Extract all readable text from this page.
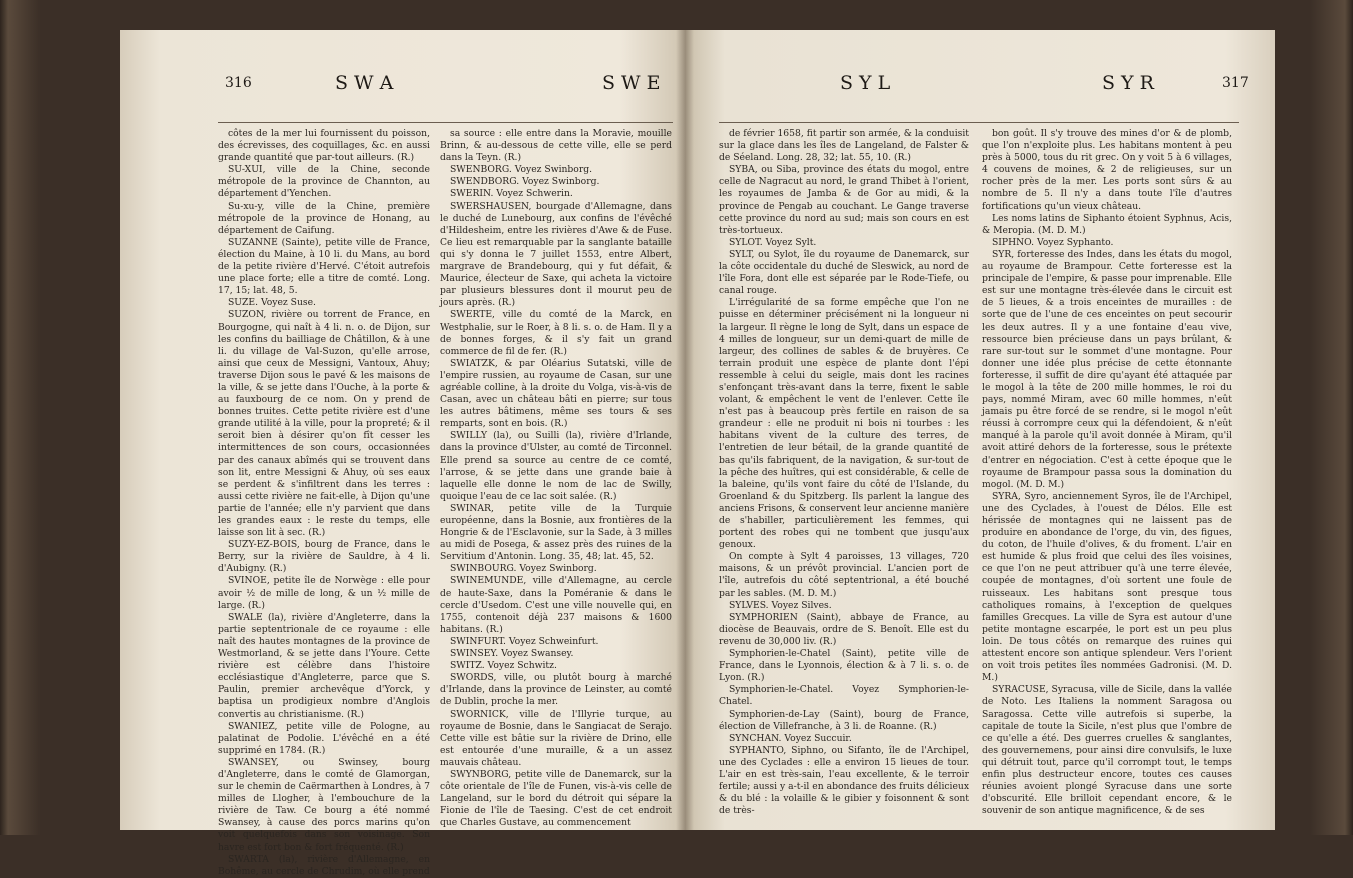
316	S W A	S W E

côtes de la mer lui fournissent du poisson, des écrevisses, des coquillages, &c. en aussi grande quantité que par-tout ailleurs. (R.)

SU-XUI, ville de la Chine, seconde métropole de la province de Channton, au département d'Yenchen.

Su-xu-y, ville de la Chine, première métropole de la province de Honang, au département de Caifung.

SUZANNE (Sainte), petite ville de France, élection du Maine, à 10 li. du Mans, au bord de la petite rivière d'Hervé. C'étoit autrefois une place forte; elle a titre de comté. Long. 17, 15; lat. 48, 5.

SUZE. Voyez Suse.

SUZON, rivière ou torrent de France, en Bourgogne, qui naît à 4 li. n. o. de Dijon, sur les confins du bailliage de Châtillon, & à une li. du village de Val-Suzon, qu'elle arrose, ainsi que ceux de Messigni, Vantoux, Ahuy; traverse Dijon sous le pavé & les maisons de la ville, & se jette dans l'Ouche, à la porte & au fauxbourg de ce nom. On y prend de bonnes truites. Cette petite rivière est d'une grande utilité à la ville, pour la propreté; & il seroit bien à désirer qu'on fît cesser les intermittences de son cours, occasionnées par des canaux abîmés qui se trouvent dans son lit, entre Messigni & Ahuy, où ses eaux se perdent & s'infiltrent dans les terres : aussi cette rivière ne fait-elle, à Dijon qu'une partie de l'année; elle n'y parvient que dans les grandes eaux : le reste du temps, elle laisse son lit à sec. (R.)

SUZY-EZ-BOIS, bourg de France, dans le Berry, sur la rivière de Sauldre, à 4 li. d'Aubigny. (R.)

SVINOE, petite île de Norwège : elle pour avoir ½ de mille de long, & un ½ mille de large. (R.)

SWALE (la), rivière d'Angleterre, dans la partie septentrionale de ce royaume : elle naît des hautes montagnes de la province de Westmorland, & se jette dans l'Youre. Cette rivière est célèbre dans l'histoire ecclésiastique d'Angleterre, parce que S. Paulin, premier archevêque d'Yorck, y baptisa un prodigieux nombre d'Anglois convertis au christianisme. (R.)

SWANIEZ, petite ville de Pologne, au palatinat de Podolie. L'évêché en a été supprimé en 1784. (R.)

SWANSEY, ou Swinsey, bourg d'Angleterre, dans le comté de Glamorgan, sur le chemin de Caërmarthen à Londres, à 7 milles de Llogher, à l'embouchure de la rivière de Taw. Ce bourg a été nommé Swansey, à cause des porcs marins qu'on voit quelquefois dans son voisinage. Son havre est fort bon & fort fréquenté. (R.)

SWARTA (la), rivière d'Allemagne, en Bohême, au cercle de Chrudim, où elle prend

sa source : elle entre dans la Moravie, mouille Brinn, & au-dessous de cette ville, elle se perd dans la Teyn. (R.)

SWENBORG. Voyez Swinborg.

SWENDBORG. Voyez Swinborg.

SWERIN. Voyez Schwerin.

SWERSHAUSEN, bourgade d'Allemagne, dans le duché de Lunebourg, aux confins de l'évêché d'Hildesheim, entre les rivières d'Awe & de Fuse. Ce lieu est remarquable par la sanglante bataille qui s'y donna le 7 juillet 1553, entre Albert, margrave de Brandebourg, qui y fut défait, & Maurice, électeur de Saxe, qui acheta la victoire par plusieurs blessures dont il mourut peu de jours après. (R.)

SWERTE, ville du comté de la Marck, en Westphalie, sur le Roer, à 8 li. s. o. de Ham. Il y a de bonnes forges, & il s'y fait un grand commerce de fil de fer. (R.)

SWIATZK, & par Oléarius Sutatski, ville de l'empire russien, au royaume de Casan, sur une agréable colline, à la droite du Volga, vis-à-vis de Casan, avec un château bâti en pierre; sur tous les autres bâtimens, même ses tours & ses remparts, sont en bois. (R.)

SWILLY (la), ou Suilli (la), rivière d'Irlande, dans la province d'Ulster, au comté de Tirconnel. Elle prend sa source au centre de ce comté, l'arrose, & se jette dans une grande baie à laquelle elle donne le nom de lac de Swilly, quoique l'eau de ce lac soit salée. (R.)

SWINAR, petite ville de la Turquie européenne, dans la Bosnie, aux frontières de la Hongrie & de l'Esclavonie, sur la Sade, à 3 milles au midi de Posega, & assez près des ruines de la Servitium d'Antonin. Long. 35, 48; lat. 45, 52.

SWINBOURG. Voyez Swinborg.

SWINEMUNDE, ville d'Allemagne, au cercle de haute-Saxe, dans la Poméranie & dans le cercle d'Usedom. C'est une ville nouvelle qui, en 1755, contenoit déjà 237 maisons & 1600 habitans. (R.)

SWINFURT. Voyez Schweinfurt.

SWINSEY. Voyez Swansey.

SWITZ. Voyez Schwitz.

SWORDS, ville, ou plutôt bourg à marché d'Irlande, dans la province de Leinster, au comté de Dublin, proche la mer.

SWORNICK, ville de l'Illyrie turque, au royaume de Bosnie, dans le Sangiacat de Serajo. Cette ville est bâtie sur la rivière de Drino, elle est entourée d'une muraille, & a un assez mauvais château.

SWYNBORG, petite ville de Danemarck, sur la côte orientale de l'île de Funen, vis-à-vis celle de Langeland, sur le bord du détroit qui sépare la Fionie de l'île de Taesing. C'est de cet endroit que Charles Gustave, au commencement

S Y L	S Y R	317

de février 1658, fit partir son armée, & la conduisit sur la glace dans les îles de Langeland, de Falster & de Séeland. Long. 28, 32; lat. 55, 10. (R.)

SYBA, ou Siba, province des états du mogol, entre celle de Nagracut au nord, le grand Thibet à l'orient, les royaumes de Jamba & de Gor au midi, & la province de Pengab au couchant. Le Gange traverse cette province du nord au sud; mais son cours en est très-tortueux.

SYLOT. Voyez Sylt.

SYLT, ou Sylot, île du royaume de Danemarck, sur la côte occidentale du duché de Sleswick, au nord de l'île Fora, dont elle est séparée par le Rode-Tiefe, ou canal rouge.

L'irrégularité de sa forme empêche que l'on ne puisse en déterminer précisément ni la longueur ni la largeur. Il règne le long de Sylt, dans un espace de 4 milles de longueur, sur un demi-quart de mille de largeur, des collines de sables & de bruyères. Ce terrain produit une espèce de plante dont l'épi ressemble à celui du seigle, mais dont les racines s'enfonçant très-avant dans la terre, fixent le sable volant, & empêchent le vent de l'enlever. Cette île n'est pas à beaucoup près fertile en raison de sa grandeur : elle ne produit ni bois ni tourbes : les habitans vivent de la culture des terres, de l'entretien de leur bétail, de la grande quantité de bas qu'ils fabriquent, de la navigation, & sur-tout de la pêche des huîtres, qui est considérable, & celle de la baleine, qu'ils vont faire du côté de l'Islande, du Groenland & du Spitzberg. Ils parlent la langue des anciens Frisons, & conservent leur ancienne manière de s'habiller, particulièrement les femmes, qui portent des robes qui ne tombent que jusqu'aux genoux.

On compte à Sylt 4 paroisses, 13 villages, 720 maisons, & un prévôt provincial. L'ancien port de l'île, autrefois du côté septentrional, a été bouché par les sables. (M. D. M.)

SYLVES. Voyez Silves.

SYMPHORIEN (Saint), abbaye de France, au diocèse de Beauvais, ordre de S. Benoît. Elle est du revenu de 30,000 liv. (R.)

Symphorien-le-Chatel (Saint), petite ville de France, dans le Lyonnois, élection & à 7 li. s. o. de Lyon. (R.)

Symphorien-le-Chatel. Voyez Symphorien-le-Chatel.

Symphorien-de-Lay (Saint), bourg de France, élection de Villefranche, à 3 li. de Roanne. (R.)

SYNCHAN. Voyez Succuir.

SYPHANTO, Siphno, ou Sifanto, île de l'Archipel, une des Cyclades : elle a environ 15 lieues de tour. L'air en est très-sain, l'eau excellente, & le terroir fertile; aussi y a-t-il en abondance des fruits délicieux & du blé : la volaille & le gibier y foisonnent & sont de très-

bon goût. Il s'y trouve des mines d'or & de plomb, que l'on n'exploite plus. Les habitans montent à peu près à 5000, tous du rit grec. On y voit 5 à 6 villages, 4 couvens de moines, & 2 de religieuses, sur un rocher près de la mer. Les ports sont sûrs & au nombre de 5. Il n'y a dans toute l'île d'autres fortifications qu'un vieux château.

Les noms latins de Siphanto étoient Syphnus, Acis, & Meropia. (M. D. M.)

SIPHNO. Voyez Syphanto.

SYR, forteresse des Indes, dans les états du mogol, au royaume de Brampour. Cette forteresse est la principale de l'empire, & passe pour imprenable. Elle est sur une montagne très-élevée dans le circuit est de 5 lieues, & a trois enceintes de murailles : de sorte que de l'une de ces enceintes on peut secourir les deux autres. Il y a une fontaine d'eau vive, ressource bien précieuse dans un pays brûlant, & rare sur-tout sur le sommet d'une montagne. Pour donner une idée plus précise de cette étonnante forteresse, il suffit de dire qu'ayant été attaquée par le mogol à la tête de 200 mille hommes, le roi du pays, nommé Miram, avec 60 mille hommes, n'eût jamais pu être forcé de se rendre, si le mogol n'eût réussi à corrompre ceux qui la défendoient, & n'eût manqué à la parole qu'il avoit donnée à Miram, qu'il avoit attiré dehors de la forteresse, sous le prétexte d'entrer en négociation. C'est à cette époque que le royaume de Brampour passa sous la domination du mogol. (M. D. M.)

SYRA, Syro, anciennement Syros, île de l'Archipel, une des Cyclades, à l'ouest de Délos. Elle est hérissée de montagnes qui ne laissent pas de produire en abondance de l'orge, du vin, des figues, du coton, de l'huile d'olives, & du froment. L'air en est humide & plus froid que celui des îles voisines, ce que l'on ne peut attribuer qu'à une terre élevée, coupée de montagnes, d'où sortent une foule de ruisseaux. Les habitans sont presque tous catholiques romains, à l'exception de quelques familles Grecques. La ville de Syra est autour d'une petite montagne escarpée, le port est un peu plus loin. De tous côtés on remarque des ruines qui attestent encore son antique splendeur. Vers l'orient on voit trois petites îles nommées Gadronisi. (M. D. M.)

SYRACUSE, Syracusa, ville de Sicile, dans la vallée de Noto. Les Italiens la nomment Saragosa ou Saragossa. Cette ville autrefois si superbe, la capitale de toute la Sicile, n'est plus que l'ombre de ce qu'elle a été. Des guerres cruelles & sanglantes, des gouvernemens, pour ainsi dire convulsifs, le luxe qui détruit tout, parce qu'il corrompt tout, le temps enfin plus destructeur encore, toutes ces causes réunies avoient plongé Syracuse dans une sorte d'obscurité. Elle brilloit cependant encore, & le souvenir de son antique magnificence, & de ses
